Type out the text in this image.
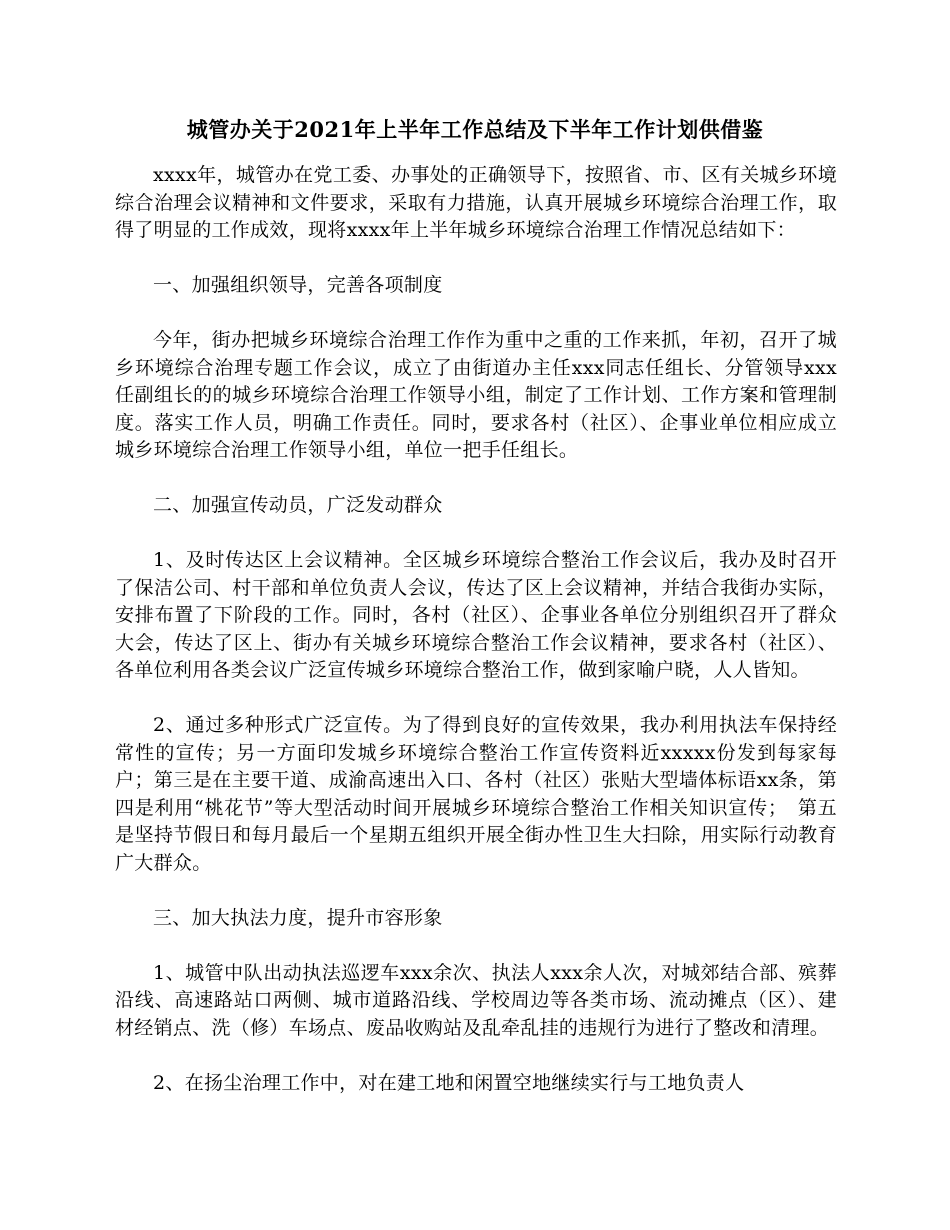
城管办关于2021年上半年工作总结及下半年工作计划供借鉴

xxxx年，城管办在党工委、办事处的正确领导下，按照省、市、区有关城乡环境综合治理会议精神和文件要求，采取有力措施，认真开展城乡环境综合治理工作，取得了明显的工作成效，现将xxxx年上半年城乡环境综合治理工作情况总结如下：

一、加强组织领导，完善各项制度

今年，街办把城乡环境综合治理工作作为重中之重的工作来抓，年初，召开了城乡环境综合治理专题工作会议，成立了由街道办主任xxx同志任组长、分管领导xxx任副组长的的城乡环境综合治理工作领导小组，制定了工作计划、工作方案和管理制度。落实工作人员，明确工作责任。同时，要求各村（社区）、企事业单位相应成立城乡环境综合治理工作领导小组，单位一把手任组长。

二、加强宣传动员，广泛发动群众

1、及时传达区上会议精神。全区城乡环境综合整治工作会议后，我办及时召开了保洁公司、村干部和单位负责人会议，传达了区上会议精神，并结合我街办实际，安排布置了下阶段的工作。同时，各村（社区）、企事业各单位分别组织召开了群众大会，传达了区上、街办有关城乡环境综合整治工作会议精神，要求各村（社区）、各单位利用各类会议广泛宣传城乡环境综合整治工作，做到家喻户晓，人人皆知。

2、通过多种形式广泛宣传。为了得到良好的宣传效果，我办利用执法车保持经常性的宣传；另一方面印发城乡环境综合整治工作宣传资料近xxxxx份发到每家每户；第三是在主要干道、成渝高速出入口、各村（社区）张贴大型墙体标语xx条，第四是利用“桃花节”等大型活动时间开展城乡环境综合整治工作相关知识宣传；　第五是坚持节假日和每月最后一个星期五组织开展全街办性卫生大扫除，用实际行动教育广大群众。

三、加大执法力度，提升市容形象

1、城管中队出动执法巡逻车xxx余次、执法人xxx余人次，对城郊结合部、殡葬沿线、高速路站口两侧、城市道路沿线、学校周边等各类市场、流动摊点（区）、建材经销点、洗（修）车场点、废品收购站及乱牵乱挂的违规行为进行了整改和清理。

2、在扬尘治理工作中，对在建工地和闲置空地继续实行与工地负责人
